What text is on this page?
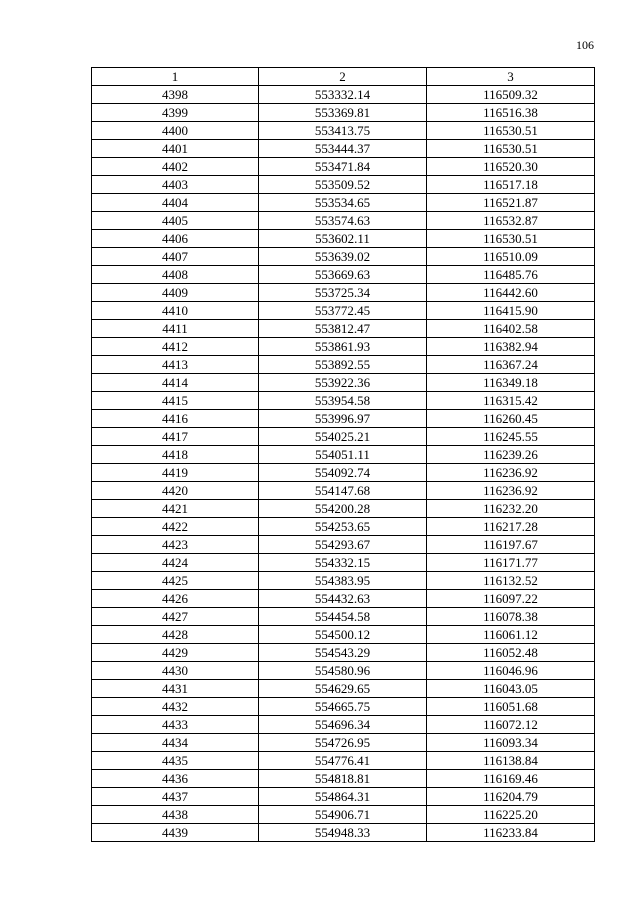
106
1	2	3
4398	553332.14	116509.32
4399	553369.81	116516.38
4400	553413.75	116530.51
4401	553444.37	116530.51
4402	553471.84	116520.30
4403	553509.52	116517.18
4404	553534.65	116521.87
4405	553574.63	116532.87
4406	553602.11	116530.51
4407	553639.02	116510.09
4408	553669.63	116485.76
4409	553725.34	116442.60
4410	553772.45	116415.90
4411	553812.47	116402.58
4412	553861.93	116382.94
4413	553892.55	116367.24
4414	553922.36	116349.18
4415	553954.58	116315.42
4416	553996.97	116260.45
4417	554025.21	116245.55
4418	554051.11	116239.26
4419	554092.74	116236.92
4420	554147.68	116236.92
4421	554200.28	116232.20
4422	554253.65	116217.28
4423	554293.67	116197.67
4424	554332.15	116171.77
4425	554383.95	116132.52
4426	554432.63	116097.22
4427	554454.58	116078.38
4428	554500.12	116061.12
4429	554543.29	116052.48
4430	554580.96	116046.96
4431	554629.65	116043.05
4432	554665.75	116051.68
4433	554696.34	116072.12
4434	554726.95	116093.34
4435	554776.41	116138.84
4436	554818.81	116169.46
4437	554864.31	116204.79
4438	554906.71	116225.20
4439	554948.33	116233.84
